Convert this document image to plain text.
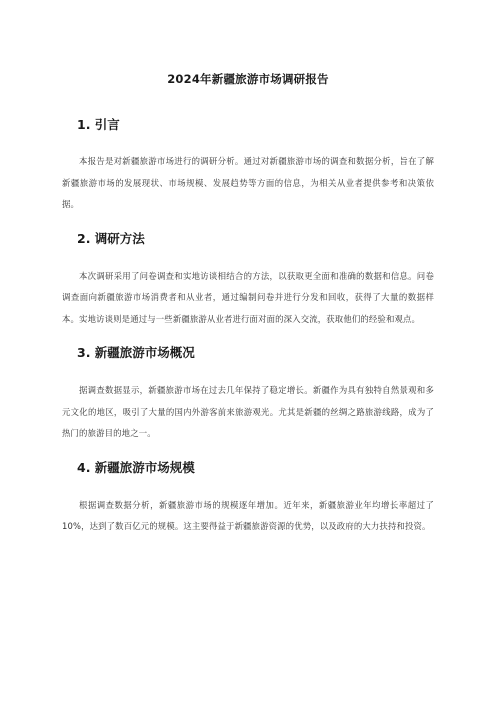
2024年新疆旅游市场调研报告
1. 引言

本报告是对新疆旅游市场进行的调研分析。通过对新疆旅游市场的调查和数据分析，旨在了解新疆旅游市场的发展现状、市场规模、发展趋势等方面的信息，为相关从业者提供参考和决策依据。

2. 调研方法

本次调研采用了问卷调查和实地访谈相结合的方法，以获取更全面和准确的数据和信息。问卷调查面向新疆旅游市场消费者和从业者，通过编制问卷并进行分发和回收，获得了大量的数据样本。实地访谈则是通过与一些新疆旅游从业者进行面对面的深入交流，获取他们的经验和观点。

3. 新疆旅游市场概况

据调查数据显示，新疆旅游市场在过去几年保持了稳定增长。新疆作为具有独特自然景观和多元文化的地区，吸引了大量的国内外游客前来旅游观光。尤其是新疆的丝绸之路旅游线路，成为了热门的旅游目的地之一。

4. 新疆旅游市场规模

根据调查数据分析，新疆旅游市场的规模逐年增加。近年来，新疆旅游业年均增长率超过了10%，达到了数百亿元的规模。这主要得益于新疆旅游资源的优势，以及政府的大力扶持和投资。
